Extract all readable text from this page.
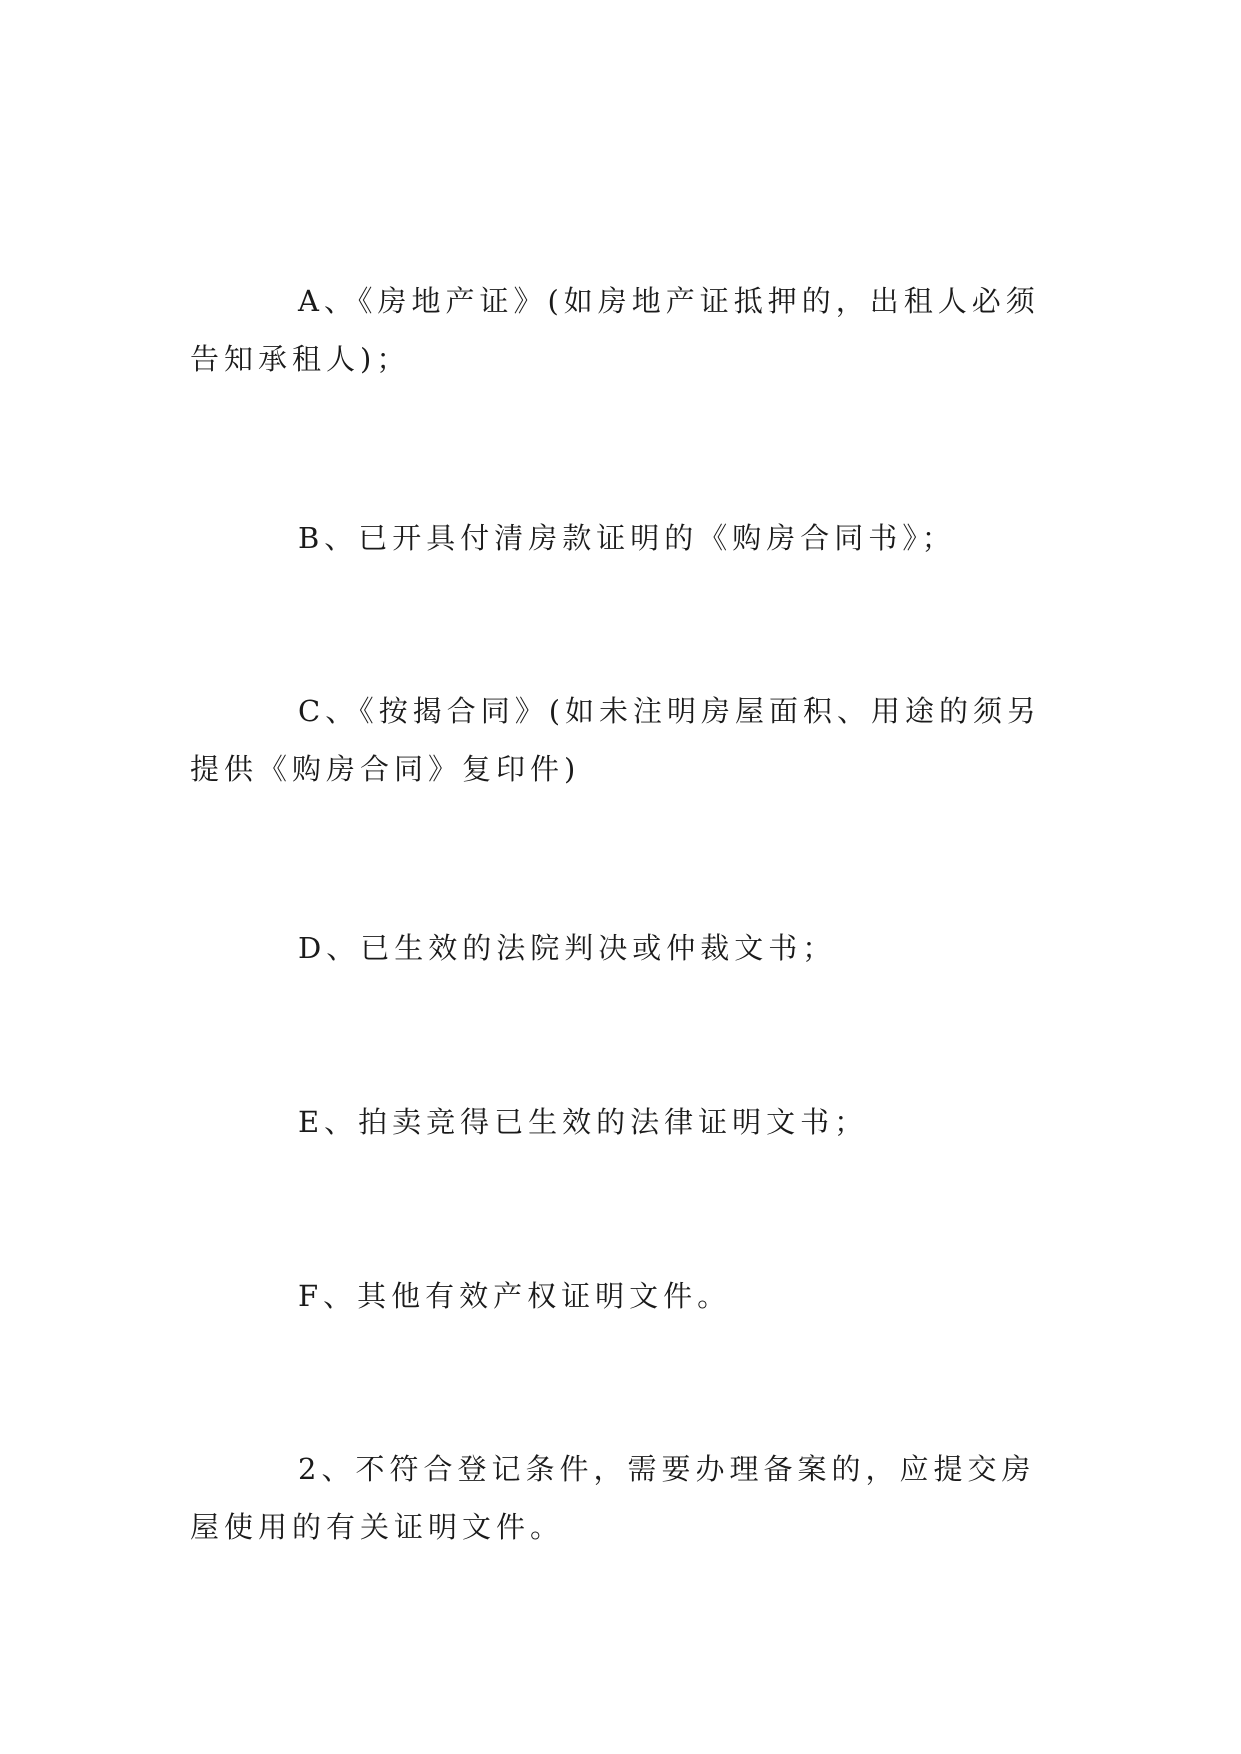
A、《房地产证》(如房地产证抵押的，出租人必须告知承租人)；

B、已开具付清房款证明的《购房合同书》；

C、《按揭合同》(如未注明房屋面积、用途的须另提供《购房合同》复印件)

D、已生效的法院判决或仲裁文书；

E、拍卖竞得已生效的法律证明文书；

F、其他有效产权证明文件。

2、不符合登记条件，需要办理备案的，应提交房屋使用的有关证明文件。
